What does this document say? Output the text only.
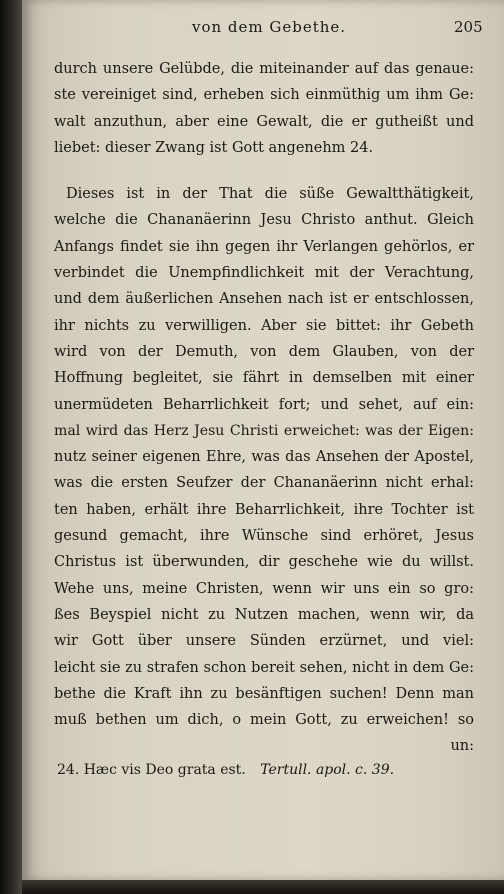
von dem Gebethe.	205
durch unsere Gelübde, die miteinander auf das genaue:
ste vereiniget sind, erheben sich einmüthig um ihm Ge:
walt anzuthun, aber eine Gewalt, die er gutheißt und
liebet: dieser Zwang ist Gott angenehm 24.
Dieses ist in der That die süße Gewaltthätigkeit,
welche die Chananäerinn Jesu Christo anthut. Gleich
Anfangs findet sie ihn gegen ihr Verlangen gehörlos, er
verbindet die Unempfindlichkeit mit der Verachtung,
und dem äußerlichen Ansehen nach ist er entschlossen,
ihr nichts zu verwilligen. Aber sie bittet: ihr Gebeth
wird von der Demuth, von dem Glauben, von der
Hoffnung begleitet, sie fährt in demselben mit einer
unermüdeten Beharrlichkeit fort; und sehet, auf ein:
mal wird das Herz Jesu Christi erweichet: was der Eigen:
nutz seiner eigenen Ehre, was das Ansehen der Apostel,
was die ersten Seufzer der Chananäerinn nicht erhal:
ten haben, erhält ihre Beharrlichkeit, ihre Tochter ist
gesund gemacht, ihre Wünsche sind erhöret, Jesus
Christus ist überwunden, dir geschehe wie du willst.
Wehe uns, meine Christen, wenn wir uns ein so gro:
ßes Beyspiel nicht zu Nutzen machen, wenn wir, da
wir Gott über unsere Sünden erzürnet, und viel:
leicht sie zu strafen schon bereit sehen, nicht in dem Ge:
bethe die Kraft ihn zu besänftigen suchen! Denn man
muß bethen um dich, o mein Gott, zu erweichen! so
un:
24. Hæc vis Deo grata est. Tertull. apol. c. 39.
